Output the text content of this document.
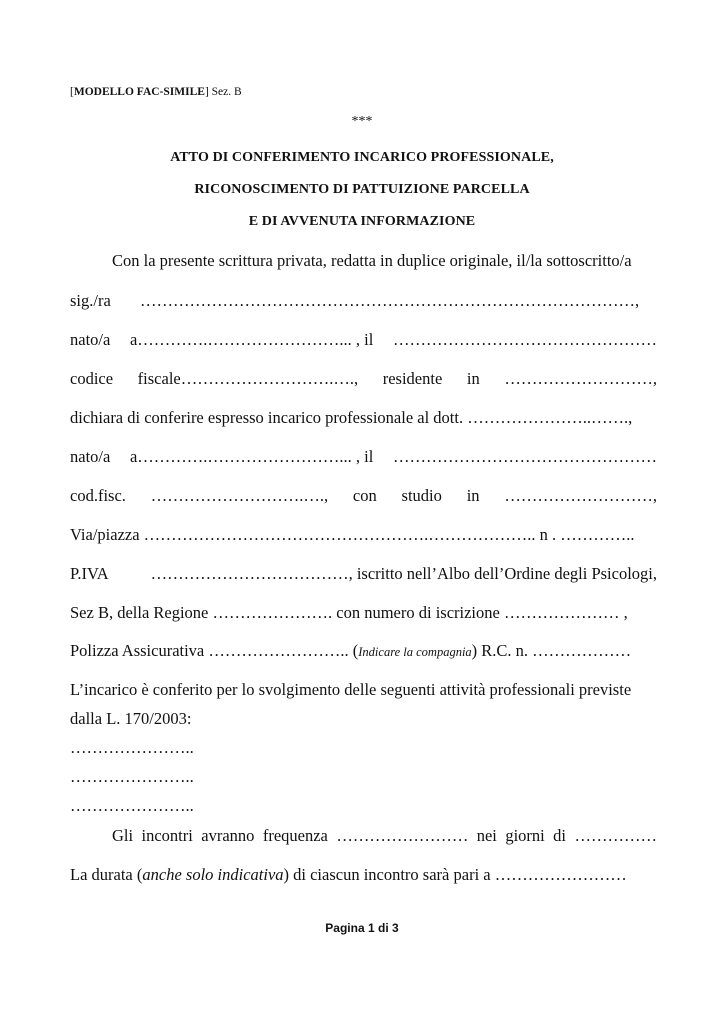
[MODELLO FAC-SIMILE] Sez. B
***
ATTO DI CONFERIMENTO INCARICO PROFESSIONALE,
RICONOSCIMENTO DI PATTUIZIONE PARCELLA
E DI AVVENUTA INFORMAZIONE
Con la presente scrittura privata, redatta in duplice originale, il/la sottoscritto/a
sig./ra ………………………………………………………………………………,
nato/a a………….……………………... , il …………………………………………
codice fiscale……………………….…., residente in ………………………,
dichiara di conferire espresso incarico professionale al dott. …………………..…….,
nato/a a………….……………………... , il …………………………………………
cod.fisc. ……………………….…., con studio in ………………………,
Via/piazza …………………………………………….……………….. n . …………..
P.IVA	………………………………, iscritto nell’Albo dell’Ordine degli Psicologi,
Sez B, della Regione …………………. con numero di iscrizione ………………… ,
Polizza Assicurativa …………………….. (Indicare la compagnia) R.C. n. ………………
L’incarico è conferito per lo svolgimento delle seguenti attività professionali previste
dalla L. 170/2003:
…………………..
…………………..
…………………..
Gli incontri avranno frequenza …………………… nei giorni di ……………
La durata (anche solo indicativa) di ciascun incontro sarà pari a ……………………
Pagina 1 di 3
